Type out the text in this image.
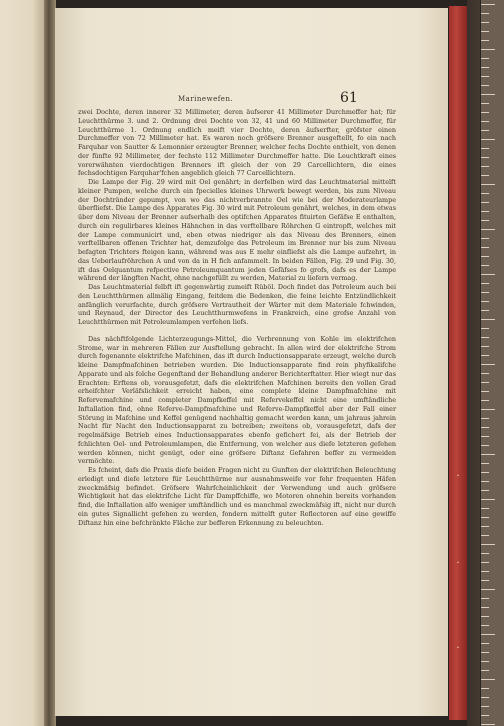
Marinewefen.	61

zwei Dochte, deren innerer 32 Millimeter, deren äufserer 41 Millimeter Durchmeffer hat; für Leuchtthürme 3. und 2. Ordnung drei Dochte von 32, 41 und 60 Millimeter Durchmeffer, für Leuchtthürme 1. Ordnung endlich meift vier Dochte, deren äufserfter, gröfster einen Durchmeffer von 72 Millimeter hat. Es waren noch gröfsere Brenner ausgeftellt, fo ein nach Farquhar von Sautter & Lemonnier erzeugter Brenner, welcher fechs Dochte enthielt, von denen der fünfte 92 Millimeter, der fechste 112 Millimeter Durchmeffer hatte. Die Leuchtkraft eines vorerwähnten vierdochtigen Brenners ift gleich der von 29 Carcellichtern, die eines fechsdochtigen Farquhar'fchen angeblich gleich 77 Carcellichtern.

Die Lampe der Fig. 29 wird mit Oel genährt; in derfelben wird das Leuchtmaterial mittelft kleiner Pumpen, welche durch ein fpecielles kleines Uhrwerk bewegt werden, bis zum Niveau der Dochtränder gepumpt, von wo das nichtverbrannte Oel wie bei der Moderateurlampe überfliefst. Die Lampe des Apparates Fig. 30 wird mit Petroleum genährt, welches, in dem etwas über dem Niveau der Brenner aufserhalb des optifchen Apparates fituirten Gefäfse E enthalten, durch ein regulirbares kleines Hähnchen in das verftellbare Röhrchen G eintropft, welches mit der Lampe communicirt und, eben etwas niedriger als das Niveau des Brenners, einen verftellbaren offenen Trichter hat, demzufolge das Petroleum im Brenner nur bis zum Niveau befagten Trichters fteigen kann, während was aus E mehr einfliefst als die Lampe aufzehrt, in das Ueberlaufröhrchen A und von da in H fich anfammelt. In beiden Fällen, Fig. 29 und Fig. 30, ift das Oelquantum refpective Petroleumquantum jeden Gefäfses fo grofs, dafs es der Lampe während der längften Nacht, ohne nachgefüllt zu werden, Material zu liefern vermag.

Das Leuchtmaterial felbft ift gegenwärtig zumeift Rüböl. Doch findet das Petroleum auch bei den Leuchtthürmen allmälig Eingang, feitdem die Bedenken, die feine leichte Entzündlichkeit anfänglich verurfachte, durch gröfsere Vertrautheit der Wärter mit dem Materiale fchwinden, und Reynaud, der Director des Leuchtthurmwefens in Frankreich, eine grofse Anzahl von Leuchtthürmen mit Petroleumlampen verfehen liefs.

Das nächftfolgende Lichterzeugungs-Mittel, die Verbrennung von Kohle im elektrifchen Strome, war in mehreren Fällen zur Ausftellung gebracht. In allen wird der elektrifche Strom durch fogenannte elektrifche Mafchinen, das ift durch Inductionsapparate erzeugt, welche durch kleine Dampfmafchinen betrieben wurden. Die Inductionsapparate find rein phyfikalifche Apparate und als folche Gegenftand der Behandlung anderer Berichterftatter. Hier wiegt nur das Erachten: Erftens ob, vorausgefetzt, dafs die elektrifchen Mafchinen bereits den vollen Grad erheifchter Verläfslichkeit erreicht haben, eine complete kleine Dampfmafchine mit Refervemafchine und completer Dampfkeffel mit Refervekeffel nicht eine umftändliche Inftallation find, ohne Referve-Dampfmafchine und Referve-Dampfkeffel aber der Fall einer Störung in Mafchine und Keffel genügend nachhaltig gemacht werden kann, um jahraus jahrein Nacht für Nacht den Inductionsapparat zu betreiben; zweitens ob, vorausgefetzt, dafs der regelmäfsige Betrieb eines Inductionsapparates ebenfo gefichert fei, als der Betrieb der fchlichten Oel- und Petroleumlampen, die Entfernung, von welcher aus diefe letzteren gefehen werden können, nicht genügt, oder eine gröfsere Diftanz Gefahren beffer zu vermeiden vermöchte.

Es fcheint, dafs die Praxis diefe beiden Fragen nicht zu Gunften der elektrifchen Beleuchtung erledigt und diefe letztere für Leuchtthürme nur ausnahmsweife vor fehr frequenten Häfen zweckmäfsig befindet. Gröfsere Wahrfcheinlichkeit der Verwendung und auch gröfsere Wichtigkeit hat das elektrifche Licht für Dampffchiffe, wo Motoren ohnehin bereits vorhanden find, die Inftallation alfo weniger umftändlich und es manchmal zweckmäfsig ift, nicht nur durch ein gutes Signallicht gefehen zu werden, fondern mittelft guter Reflectoren auf eine gewiffe Diftanz hin eine befchränkte Fläche zur befferen Erkennung zu beleuchten.

·
·
·
